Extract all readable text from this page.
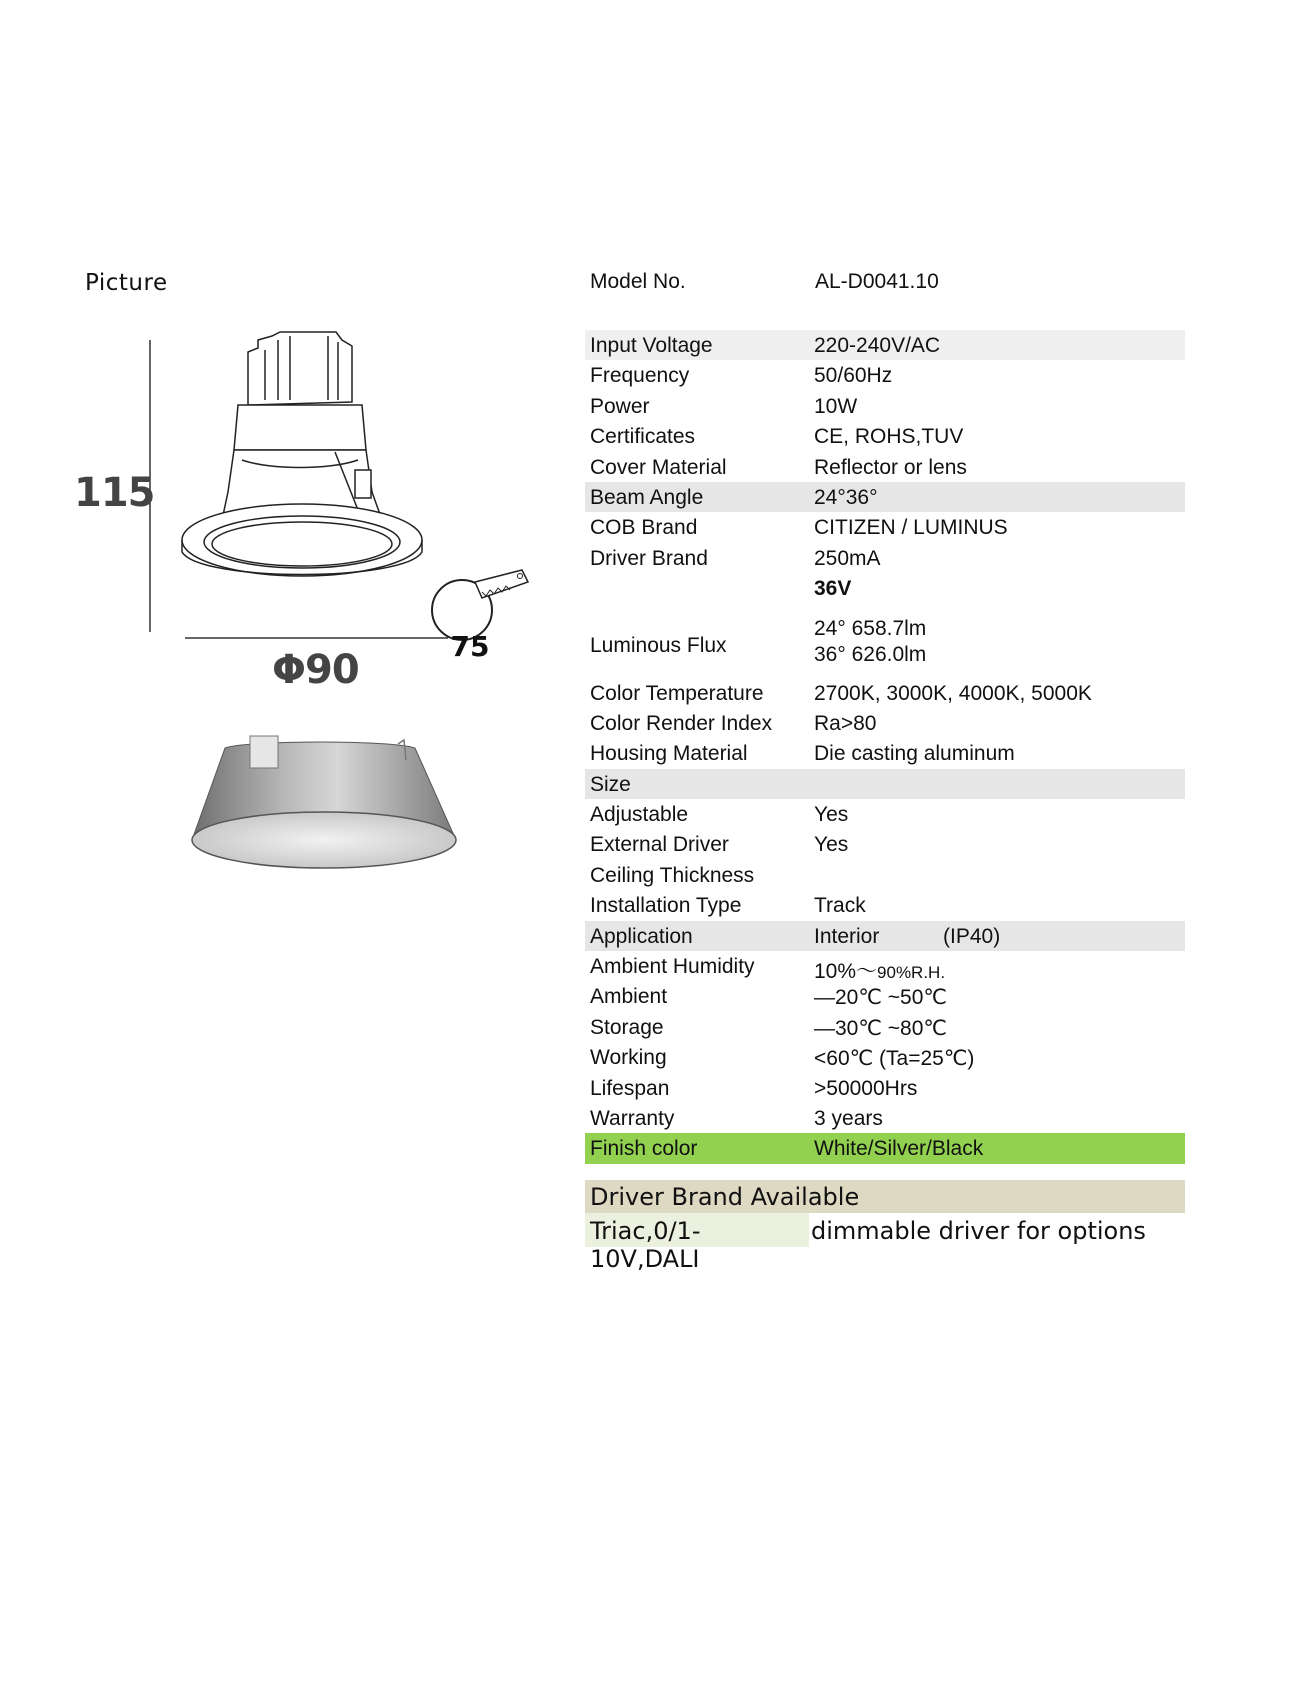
Picture
115
Φ90
75
Model No.	AL-D0041.10
Input Voltage	220-240V/AC
Frequency	50/60Hz
Power	10W
Certificates	CE, ROHS,TUV
Cover Material	Reflector or lens
Beam Angle	24°36°
COB Brand	CITIZEN / LUMINUS
Driver Brand	250mA
36V
Luminous Flux
24° 658.7lm
36° 626.0lm
Color Temperature 2700K, 3000K, 4000K, 5000K
Color Render Index Ra>80
Housing Material	Die casting aluminum
Size
Adjustable	Yes
External Driver	Yes
Ceiling Thickness
Installation Type	Track
Application	Interior	(IP40)
Ambient Humidity	10%～90%R.H.
Ambient	—20℃ ~50℃
Storage	—30℃ ~80℃
Working	<60℃ (Ta=25℃)
Lifespan	>50000Hrs
Warranty	3 years
Finish color	White/Silver/Black
Driver Brand Available
Triac,0/1-10V,DALI
dimmable driver for options
